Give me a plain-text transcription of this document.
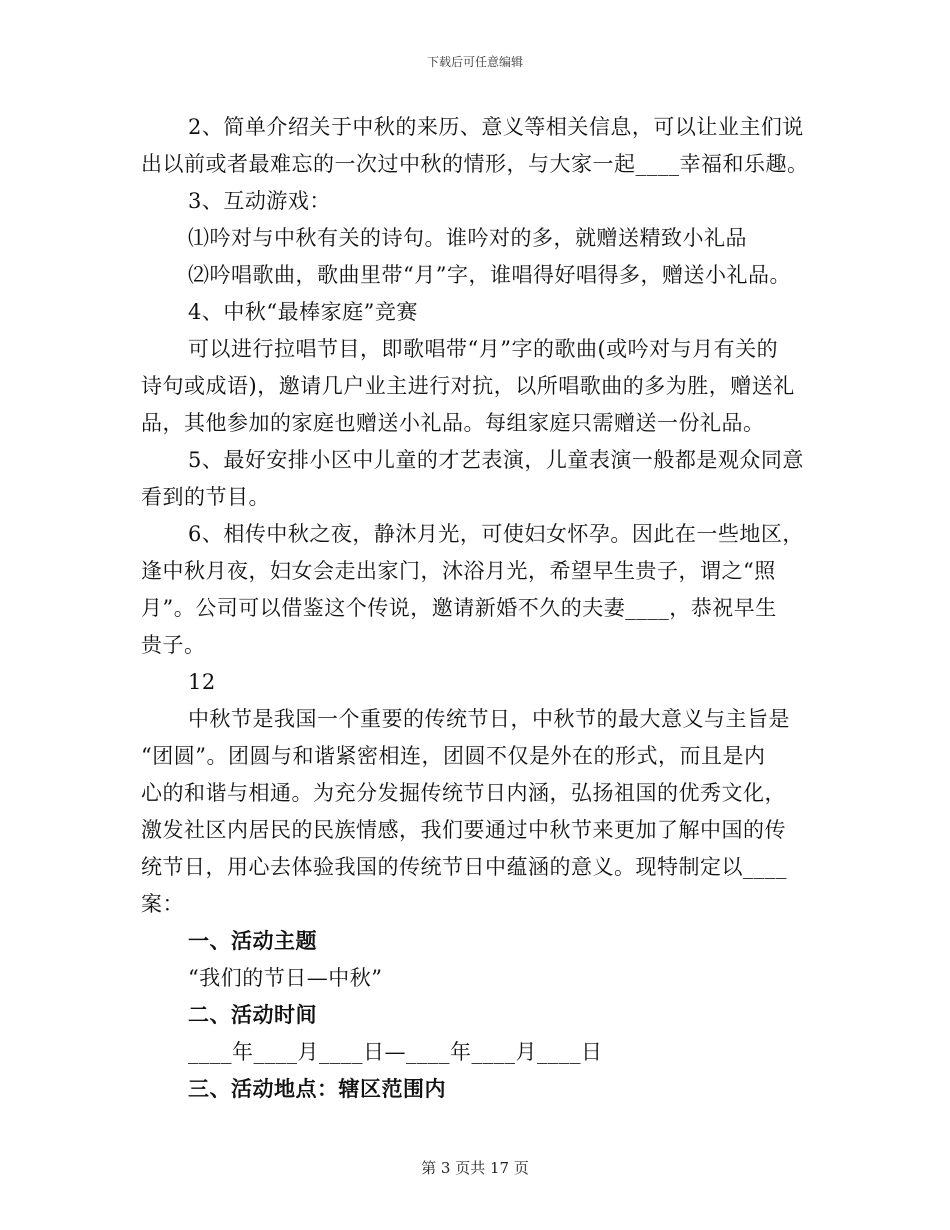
下载后可任意编辑
2、简单介绍关于中秋的来历、意义等相关信息，可以让业主们说
出以前或者最难忘的一次过中秋的情形，与大家一起____幸福和乐趣。
3、互动游戏：
⑴吟对与中秋有关的诗句。谁吟对的多，就赠送精致小礼品
⑵吟唱歌曲，歌曲里带“月”字，谁唱得好唱得多，赠送小礼品。
4、中秋“最棒家庭”竞赛
可以进行拉唱节目，即歌唱带“月”字的歌曲(或吟对与月有关的
诗句或成语)，邀请几户业主进行对抗，以所唱歌曲的多为胜，赠送礼
品，其他参加的家庭也赠送小礼品。每组家庭只需赠送一份礼品。
5、最好安排小区中儿童的才艺表演，儿童表演一般都是观众同意
看到的节目。
6、相传中秋之夜，静沐月光，可使妇女怀孕。因此在一些地区，
逢中秋月夜，妇女会走出家门，沐浴月光，希望早生贵子，谓之“照
月”。公司可以借鉴这个传说，邀请新婚不久的夫妻____，恭祝早生
贵子。
12
中秋节是我国一个重要的传统节日，中秋节的最大意义与主旨是
“团圆”。团圆与和谐紧密相连，团圆不仅是外在的形式，而且是内
心的和谐与相通。为充分发掘传统节日内涵，弘扬祖国的优秀文化，
激发社区内居民的民族情感，我们要通过中秋节来更加了解中国的传
统节日，用心去体验我国的传统节日中蕴涵的意义。现特制定以____
案：
一、活动主题
“我们的节日—中秋”
二、活动时间
____年____月____日—____年____月____日
三、活动地点：辖区范围内
第 3 页共 17 页
